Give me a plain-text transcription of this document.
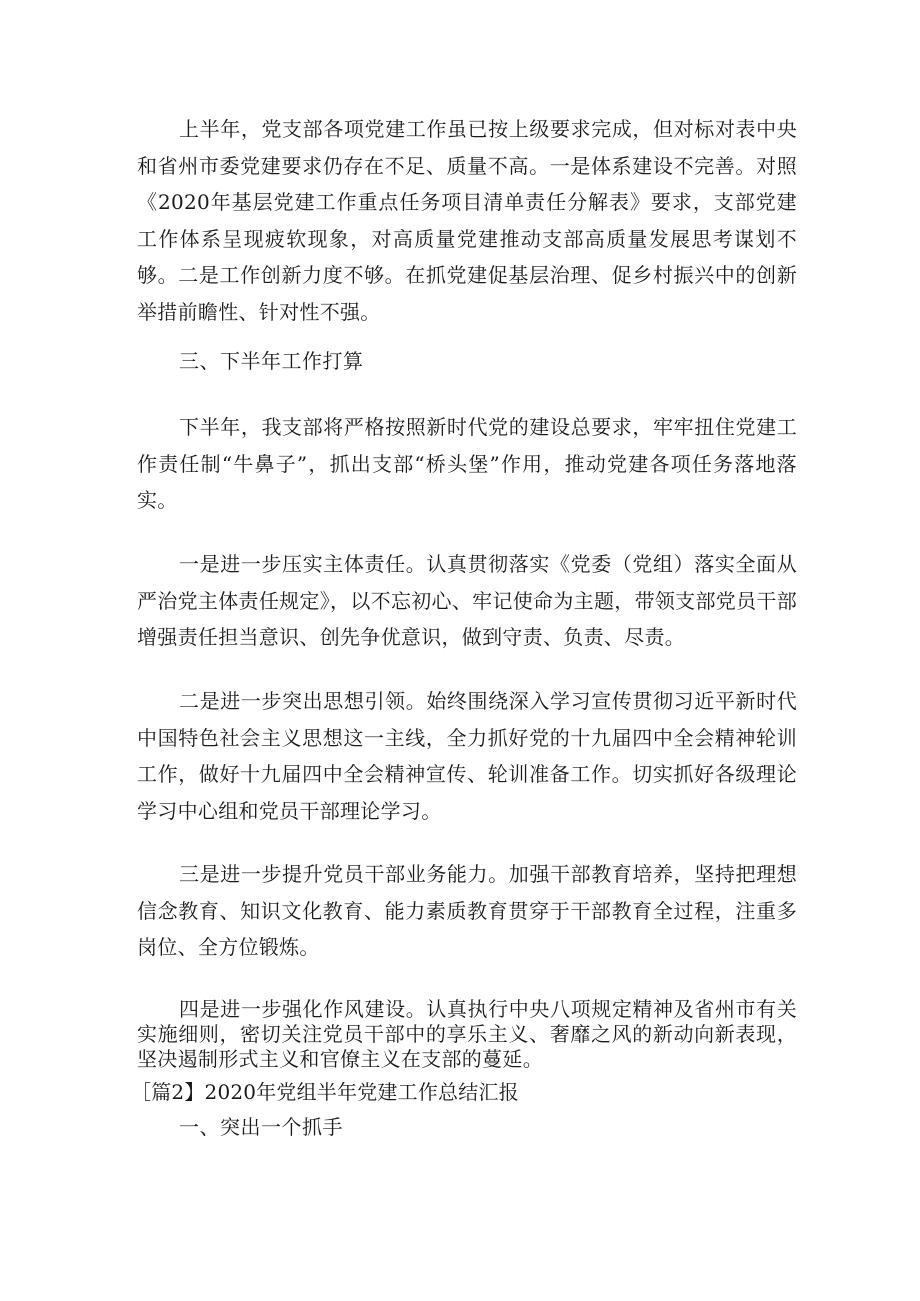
上半年，党支部各项党建工作虽已按上级要求完成，但对标对表中央和省州市委党建要求仍存在不足、质量不高。一是体系建设不完善。对照《2020年基层党建工作重点任务项目清单责任分解表》要求，支部党建工作体系呈现疲软现象，对高质量党建推动支部高质量发展思考谋划不够。二是工作创新力度不够。在抓党建促基层治理、促乡村振兴中的创新举措前瞻性、针对性不强。

三、下半年工作打算

下半年，我支部将严格按照新时代党的建设总要求，牢牢扭住党建工作责任制“牛鼻子”，抓出支部“桥头堡”作用，推动党建各项任务落地落实。

一是进一步压实主体责任。认真贯彻落实《党委（党组）落实全面从严治党主体责任规定》，以不忘初心、牢记使命为主题，带领支部党员干部增强责任担当意识、创先争优意识，做到守责、负责、尽责。

二是进一步突出思想引领。始终围绕深入学习宣传贯彻习近平新时代中国特色社会主义思想这一主线，全力抓好党的十九届四中全会精神轮训工作，做好十九届四中全会精神宣传、轮训准备工作。切实抓好各级理论学习中心组和党员干部理论学习。

三是进一步提升党员干部业务能力。加强干部教育培养，坚持把理想信念教育、知识文化教育、能力素质教育贯穿于干部教育全过程，注重多岗位、全方位锻炼。

四是进一步强化作风建设。认真执行中央八项规定精神及省州市有关实施细则，密切关注党员干部中的享乐主义、奢靡之风的新动向新表现，坚决遏制形式主义和官僚主义在支部的蔓延。

［篇2】2020年党组半年党建工作总结汇报

一、突出一个抓手
